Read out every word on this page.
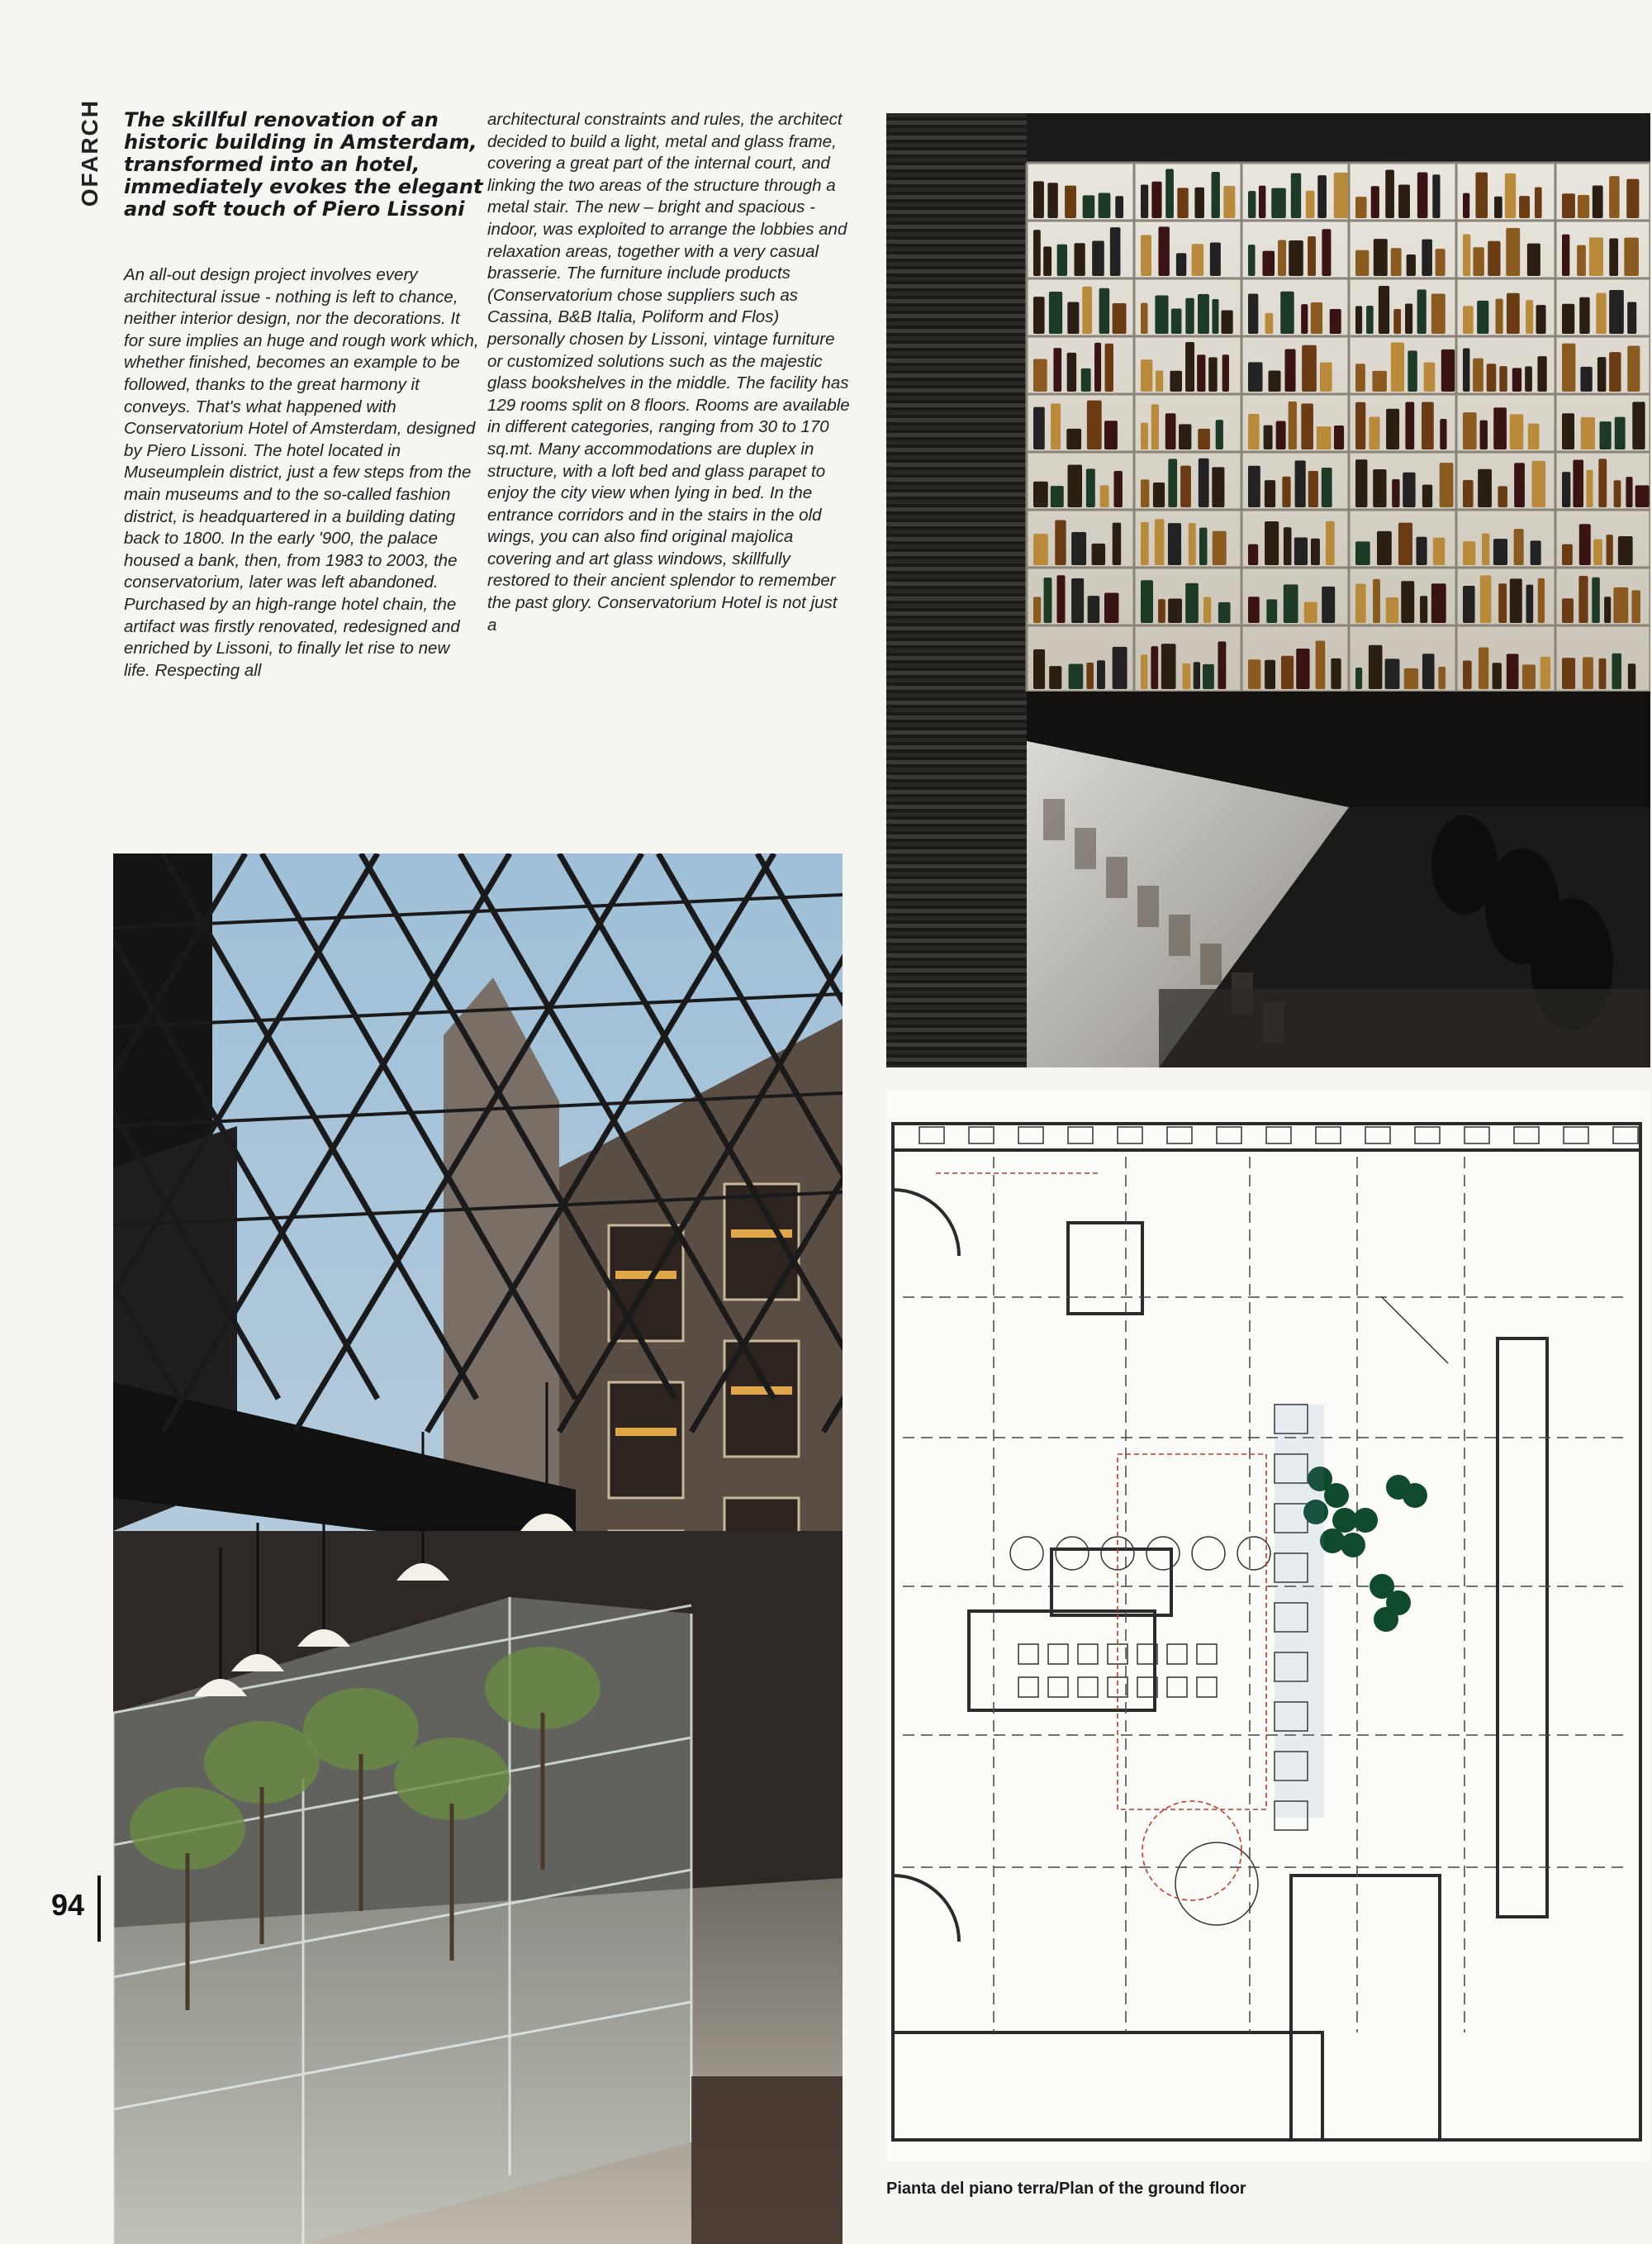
OFARCH The skillful renovation of an historic building in Amsterdam, transformed into an hotel, immediately evokes the elegant and soft touch of Piero Lissoni
An all-out design project involves every architectural issue - nothing is left to chance, neither interior design, nor the decorations. It for sure implies an huge and rough work which, whether finished, becomes an example to be followed, thanks to the great harmony it conveys. That's what happened with Conservatorium Hotel of Amsterdam, designed by Piero Lissoni. The hotel located in Museumplein district, just a few steps from the main museums and to the so-called fashion district, is headquartered in a building dating back to 1800. In the early '900, the palace housed a bank, then, from 1983 to 2003, the conservatorium, later was left abandoned. Purchased by an high-range hotel chain, the artifact was firstly renovated, redesigned and enriched by Lissoni, to finally let rise to new life. Respecting all
architectural constraints and rules, the architect decided to build a light, metal and glass frame, covering a great part of the internal court, and linking the two areas of the structure through a metal stair. The new – bright and spacious - indoor, was exploited to arrange the lobbies and relaxation areas, together with a very casual brasserie. The furniture include products (Conservatorium chose suppliers such as Cassina, B&B Italia, Poliform and Flos) personally chosen by Lissoni, vintage furniture or customized solutions such as the majestic glass bookshelves in the middle. The facility has 129 rooms split on 8 floors. Rooms are available in different categories, ranging from 30 to 170 sq.mt. Many accommodations are duplex in structure, with a loft bed and glass parapet to enjoy the city view when lying in bed. In the entrance corridors and in the stairs in the old wings, you can also find original majolica covering and art glass windows, skillfully restored to their ancient splendor to remember the past glory. Conservatorium Hotel is not just a
Pianta del piano terra/Plan of the ground floor
94
